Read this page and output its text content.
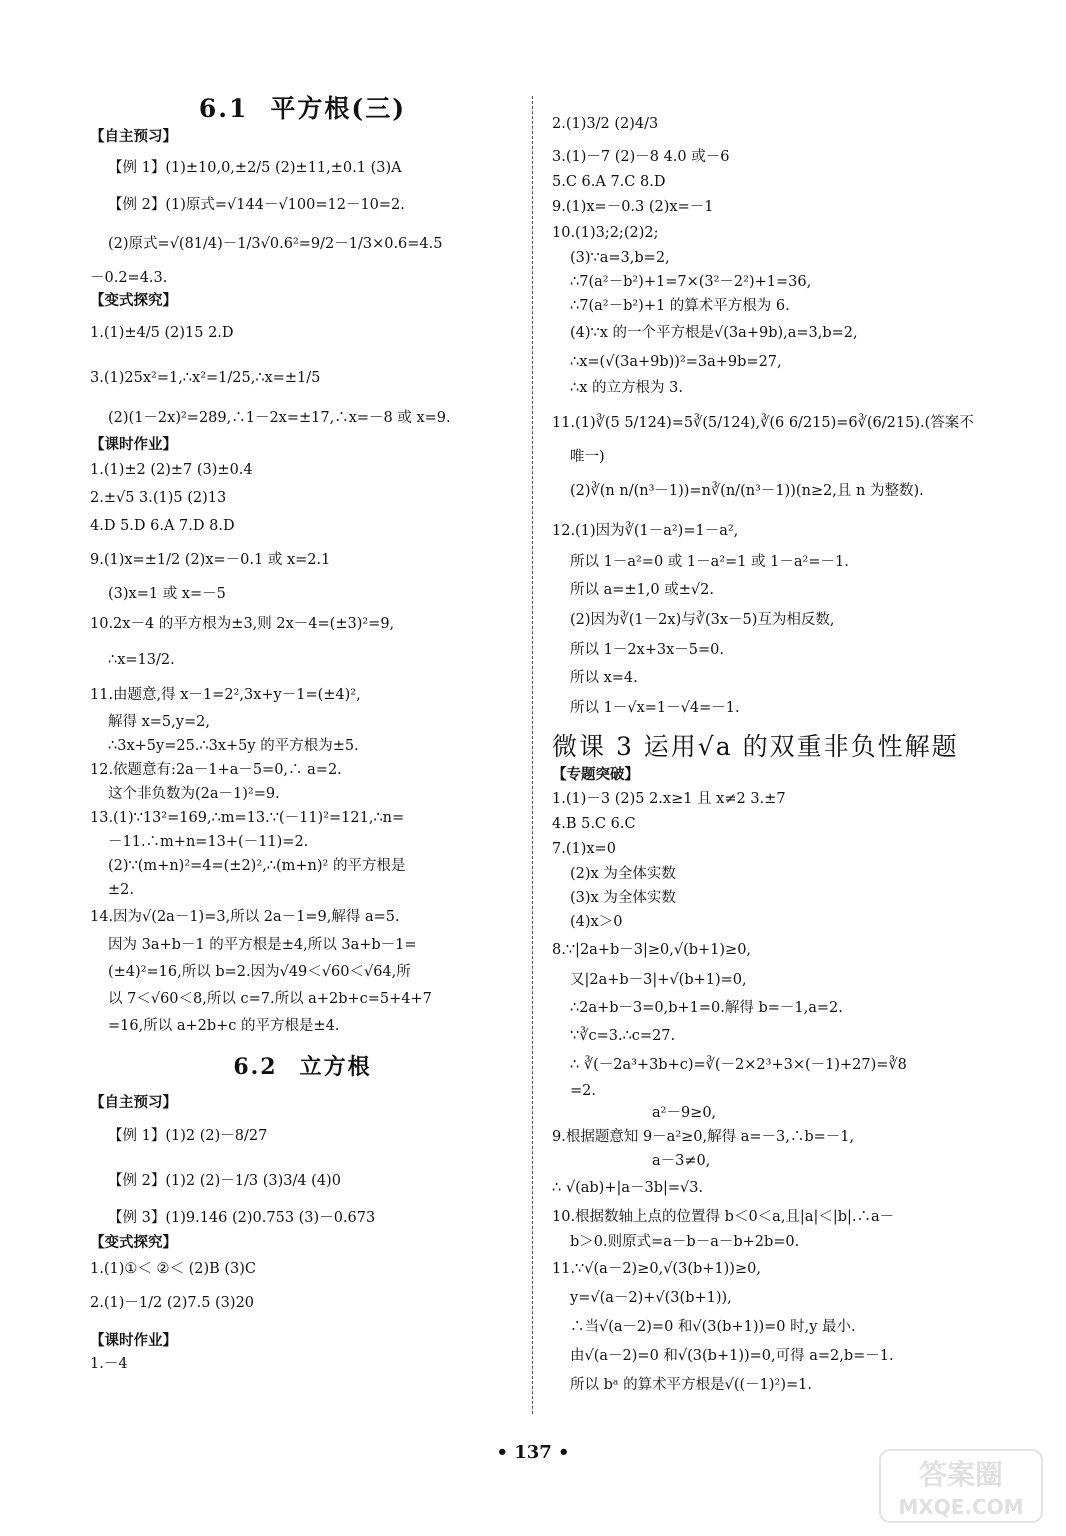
6.1 平方根(三)
【自主预习】

【例 1】(1)±10,0,±2/5 (2)±11,±0.1 (3)A

【例 2】(1)原式=√144－√100=12－10=2.

(2)原式=√(81/4)－1/3√0.6²=9/2－1/3×0.6=4.5

－0.2=4.3.

【变式探究】

1.(1)±4/5 (2)15 2.D

3.(1)25x²=1,∴x²=1/25,∴x=±1/5

(2)(1－2x)²=289,∴1－2x=±17,∴x=－8 或 x=9.

【课时作业】

1.(1)±2 (2)±7 (3)±0.4

2.±√5 3.(1)5 (2)13

4.D 5.D 6.A 7.D 8.D

9.(1)x=±1/2 (2)x=－0.1 或 x=2.1

(3)x=1 或 x=－5

10.2x－4 的平方根为±3,则 2x－4=(±3)²=9,

∴x=13/2.

11.由题意,得 x－1=2²,3x+y－1=(±4)²,

解得 x=5,y=2,

∴3x+5y=25.∴3x+5y 的平方根为±5.

12.依题意有:2a－1+a－5=0,∴ a=2.

这个非负数为(2a－1)²=9.

13.(1)∵13²=169,∴m=13.∵(－11)²=121,∴n=

－11.∴m+n=13+(－11)=2.

(2)∵(m+n)²=4=(±2)²,∴(m+n)² 的平方根是

±2.

14.因为√(2a－1)=3,所以 2a－1=9,解得 a=5.

因为 3a+b－1 的平方根是±4,所以 3a+b－1=

(±4)²=16,所以 b=2.因为√49＜√60＜√64,所

以 7＜√60＜8,所以 c=7.所以 a+2b+c=5+4+7

=16,所以 a+2b+c 的平方根是±4.

6.2 立方根
【自主预习】

【例 1】(1)2 (2)－8/27

【例 2】(1)2 (2)－1/3 (3)3/4 (4)0

【例 3】(1)9.146 (2)0.753 (3)－0.673

【变式探究】

1.(1)①＜ ②＜ (2)B (3)C

2.(1)－1/2 (2)7.5 (3)20

【课时作业】

1.－4

2.(1)3/2 (2)4/3

3.(1)－7 (2)－8 4.0 或－6

5.C 6.A 7.C 8.D

9.(1)x=－0.3 (2)x=－1

10.(1)3;2;(2)2;

(3)∵a=3,b=2,

∴7(a²－b²)+1=7×(3²－2²)+1=36,

∴7(a²－b²)+1 的算术平方根为 6.

(4)∵x 的一个平方根是√(3a+9b),a=3,b=2,

∴x=(√(3a+9b))²=3a+9b=27,

∴x 的立方根为 3.

11.(1)∛(5 5/124)=5∛(5/124),∛(6 6/215)=6∛(6/215).(答案不

唯一)

(2)∛(n n/(n³－1))=n∛(n/(n³－1))(n≥2,且 n 为整数).

12.(1)因为∛(1－a²)=1－a²,

所以 1－a²=0 或 1－a²=1 或 1－a²=－1.

所以 a=±1,0 或±√2.

(2)因为∛(1－2x)与∛(3x－5)互为相反数,

所以 1－2x+3x－5=0.

所以 x=4.

所以 1－√x=1－√4=－1.

微课 3 运用√a 的双重非负性解题
【专题突破】

1.(1)－3 (2)5 2.x≥1 且 x≠2 3.±7

4.B 5.C 6.C

7.(1)x=0

(2)x 为全体实数

(3)x 为全体实数

(4)x＞0

8.∵|2a+b－3|≥0,√(b+1)≥0,

又|2a+b－3|+√(b+1)=0,

∴2a+b－3=0,b+1=0.解得 b=－1,a=2.

∵∛c=3.∴c=27.

∴ ∛(－2a³+3b+c)=∛(－2×2³+3×(－1)+27)=∛8

=2.

a²－9≥0,

9.根据题意知 9－a²≥0,解得 a=－3,∴b=－1,

a－3≠0,

∴ √(ab)+|a－3b|=√3.

10.根据数轴上点的位置得 b＜0＜a,且|a|＜|b|.∴a－

b＞0.则原式=a－b－a－b+2b=0.

11.∵√(a－2)≥0,√(3(b+1))≥0,

y=√(a－2)+√(3(b+1)),

∴当√(a－2)=0 和√(3(b+1))=0 时,y 最小.

由√(a－2)=0 和√(3(b+1))=0,可得 a=2,b=－1.

所以 bᵃ 的算术平方根是√((－1)²)=1.

• 137 •
答案圈
MXQE.COM
